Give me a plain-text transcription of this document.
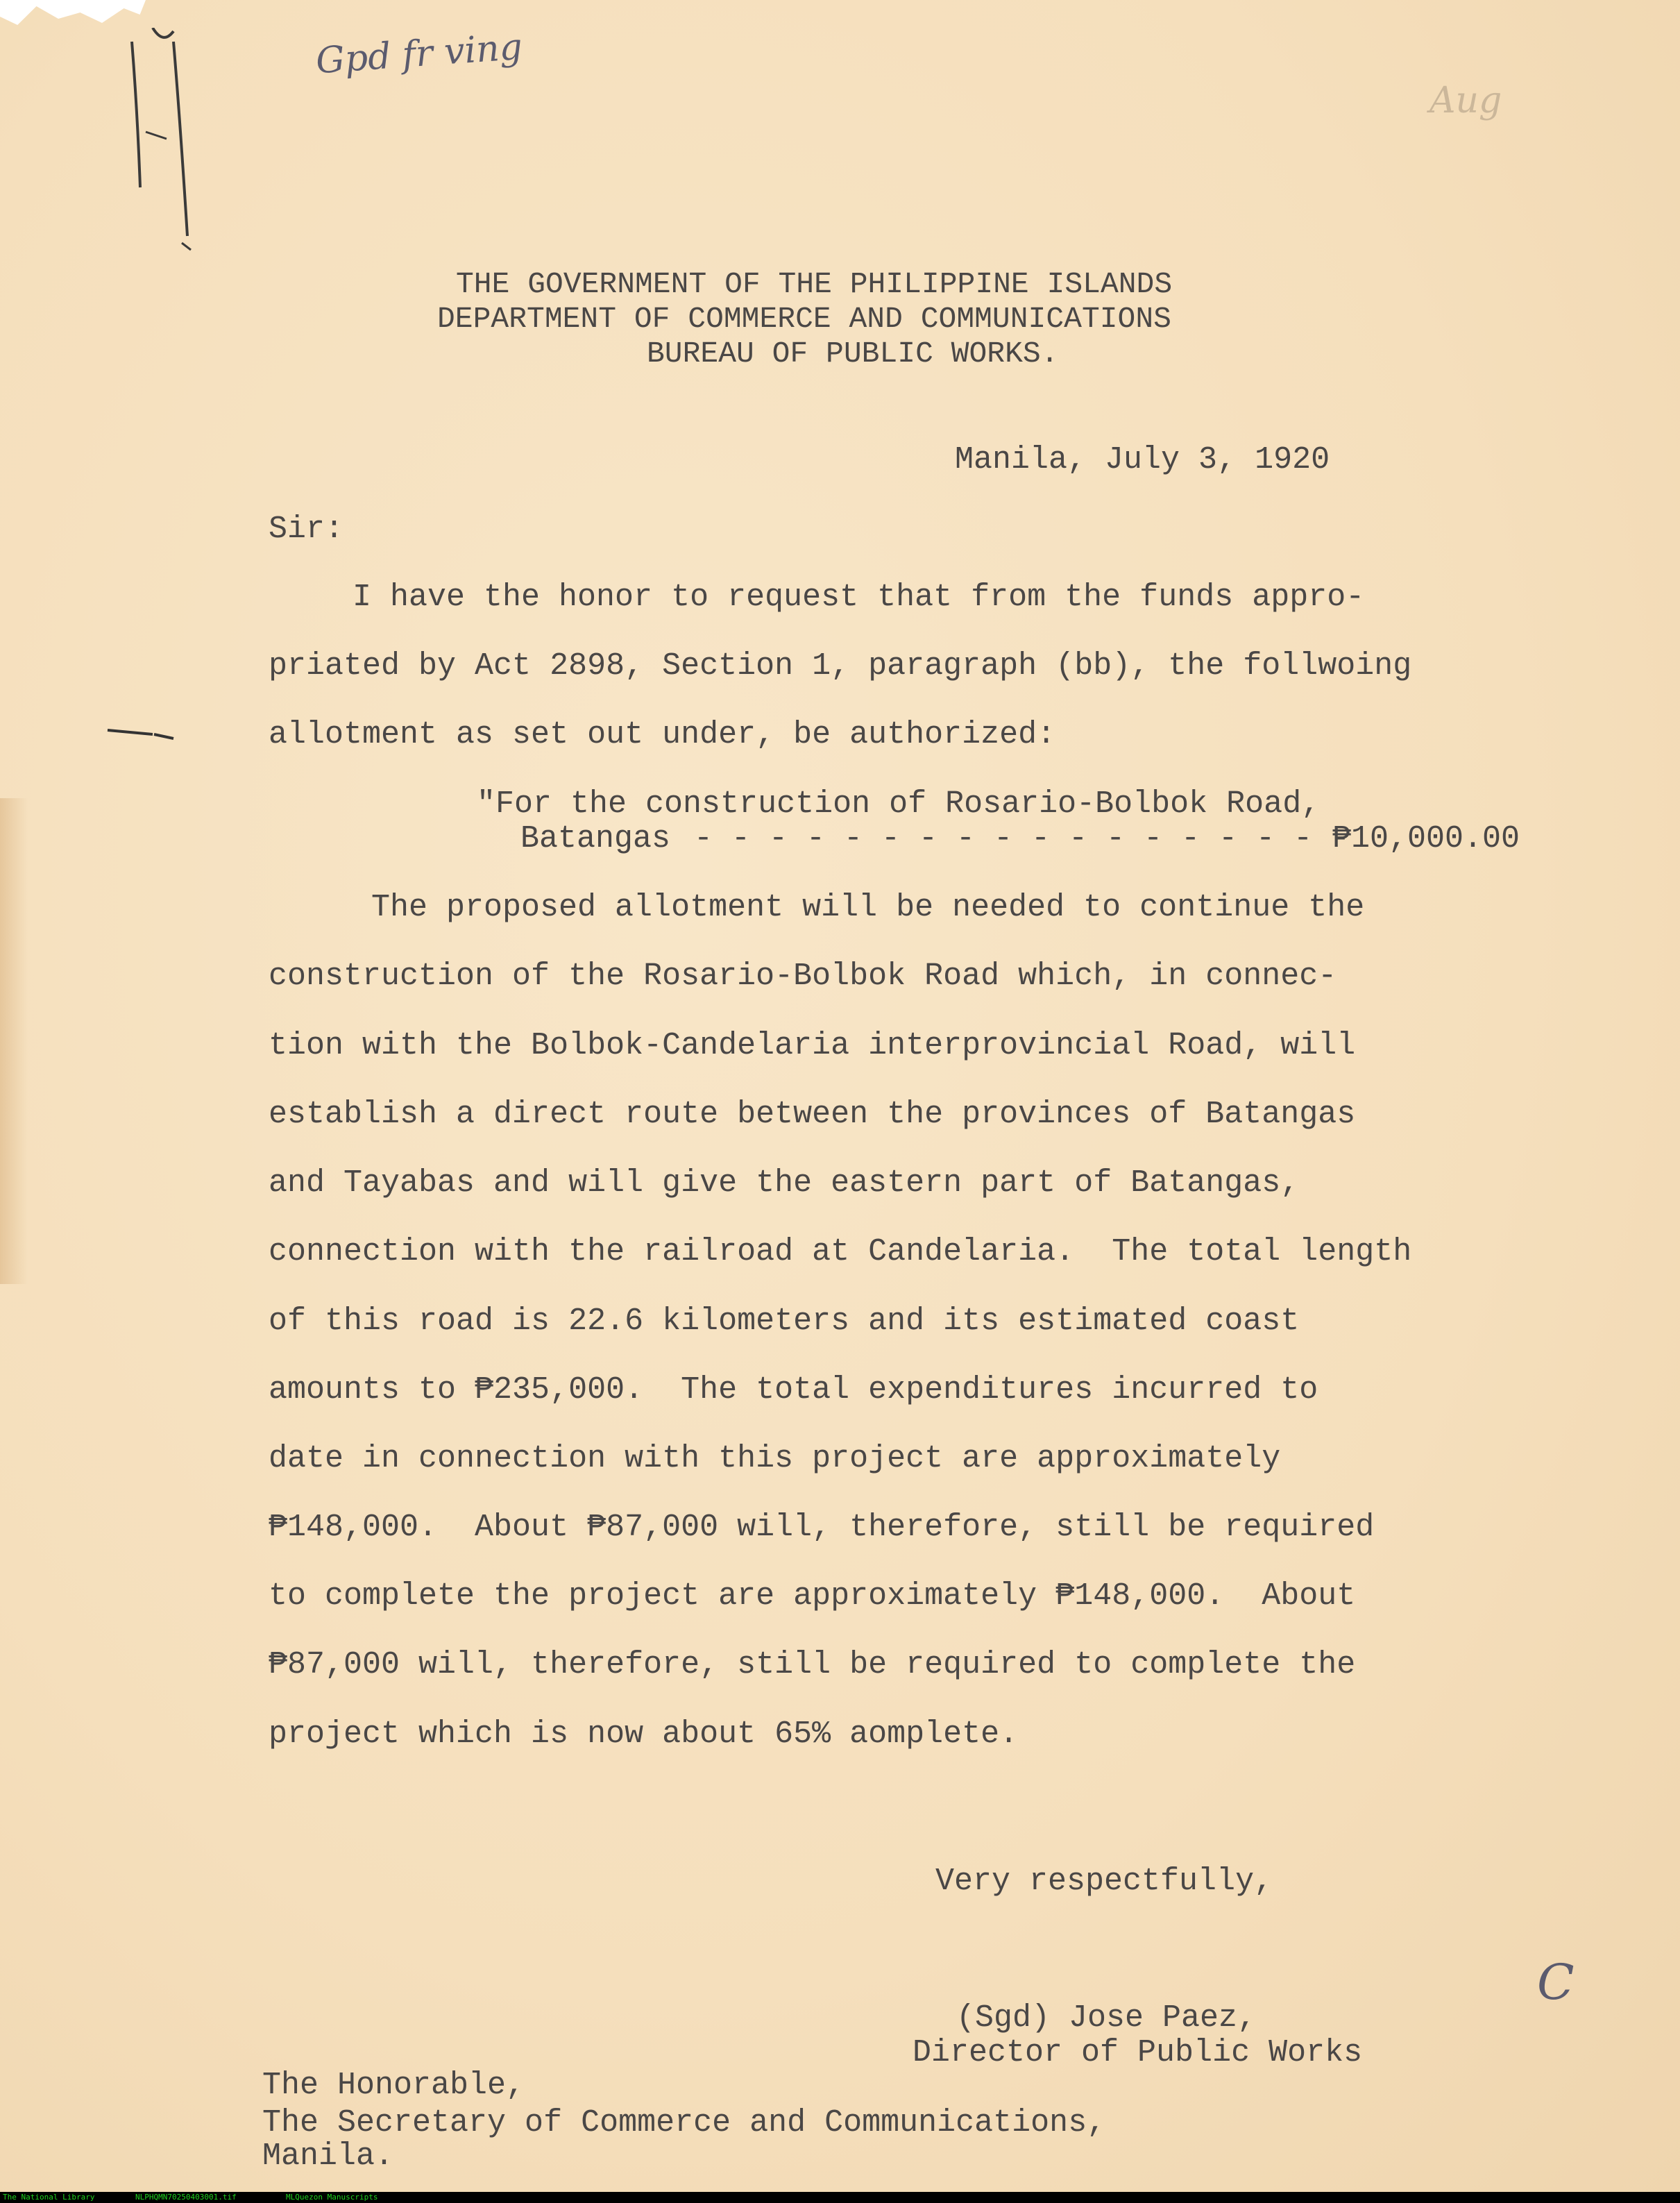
Gpd fr ving
Aug
C
THE GOVERNMENT OF THE PHILIPPINE ISLANDS
DEPARTMENT OF COMMERCE AND COMMUNICATIONS
BUREAU OF PUBLIC WORKS.
Manila, July 3, 1920
Sir:
I have the honor to request that from the funds appro-
priated by Act 2898, Section 1, paragraph (bb), the follwoing
allotment as set out under, be authorized:
"For the construction of Rosario-Bolbok Road,
Batangas - - - - - - - - - - - - - - - - - -
₱10,000.00
The proposed allotment will be needed to continue the
construction of the Rosario-Bolbok Road which, in connec-
tion with the Bolbok-Candelaria interprovincial Road, will
establish a direct route between the provinces of Batangas
and Tayabas and will give the eastern part of Batangas,
connection with the railroad at Candelaria.  The total length
of this road is 22.6 kilometers and its estimated coast
amounts to ₱235,000.  The total expenditures incurred to
date in connection with this project are approximately
₱148,000.  About ₱87,000 will, therefore, still be required
to complete the project are approximately ₱148,000.  About
₱87,000 will, therefore, still be required to complete the
project which is now about 65% aomplete.
Very respectfully,
(Sgd) Jose Paez,
Director of Public Works
The Honorable,
The Secretary of Commerce and Communications,
Manila.
The National Library	NLPHQMN70250403001.tif	MLQuezon Manuscripts
